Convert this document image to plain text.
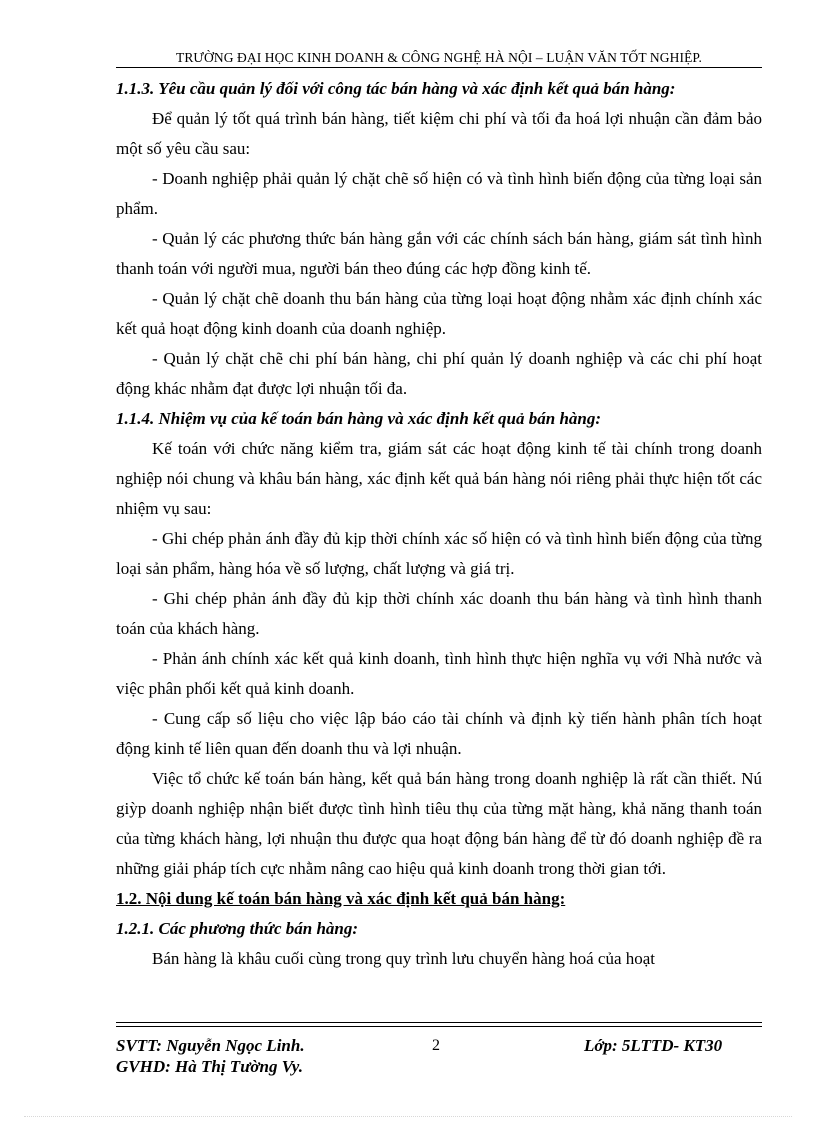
TRƯỜNG ĐẠI HỌC KINH DOANH & CÔNG NGHỆ HÀ NỘI – LUẬN VĂN TỐT NGHIỆP.

1.1.3. Yêu cầu quản lý đối với công tác bán hàng và xác định kết quả bán hàng:

Để quản lý tốt quá trình bán hàng, tiết kiệm chi phí và tối đa hoá lợi nhuận cần đảm bảo một số yêu cầu sau:

- Doanh nghiệp phải quản lý chặt chẽ số hiện có và tình hình biến động của từng loại sản phẩm.

- Quản lý các phương thức bán hàng gắn với các chính sách bán hàng, giám sát tình hình thanh toán với người mua, người bán theo đúng các hợp đồng kinh tế.

- Quản lý chặt chẽ doanh thu bán hàng của từng loại hoạt động nhằm xác định chính xác kết quả hoạt động kinh doanh của doanh nghiệp.

- Quản lý chặt chẽ chi phí bán hàng, chi phí quản lý doanh nghiệp và các chi phí hoạt động khác nhằm đạt được lợi nhuận tối đa.

1.1.4. Nhiệm vụ của kế toán bán hàng và xác định kết quả bán hàng:

Kế toán với chức năng kiểm tra, giám sát các hoạt động kinh tế tài chính trong doanh nghiệp nói chung và khâu bán hàng, xác định kết quả bán hàng nói riêng phải thực hiện tốt các nhiệm vụ sau:

- Ghi chép phản ánh đầy đủ kịp thời chính xác số hiện có và tình hình biến động của từng loại sản phẩm, hàng hóa về số lượng, chất lượng và giá trị.

- Ghi chép phản ánh đầy đủ kịp thời chính xác doanh thu bán hàng và tình hình thanh toán của khách hàng.

- Phản ánh chính xác kết quả kinh doanh, tình hình thực hiện nghĩa vụ với Nhà nước và việc phân phối kết quả kinh doanh.

- Cung cấp số liệu cho việc lập báo cáo tài chính và định kỳ tiến hành phân tích hoạt động kinh tế liên quan đến doanh thu và lợi nhuận.

Việc tổ chức kế toán bán hàng, kết quả bán hàng trong doanh nghiệp là rất cần thiết. Nú giỳp doanh nghiệp nhận biết được tình hình tiêu thụ của từng mặt hàng, khả năng thanh toán của từng khách hàng, lợi nhuận thu được qua hoạt động bán hàng để từ đó doanh nghiệp đề ra những giải pháp tích cực nhằm nâng cao hiệu quả kinh doanh trong thời gian tới.

1.2. Nội dung kế toán bán hàng và xác định kết quả bán hàng:

1.2.1. Các phương thức bán hàng:

Bán hàng là khâu cuối cùng trong quy trình lưu chuyển hàng hoá của hoạt

SVTT: Nguyễn Ngọc Linh.	2	Lớp: 5LTTD- KT30
GVHD: Hà Thị Tường Vy.
